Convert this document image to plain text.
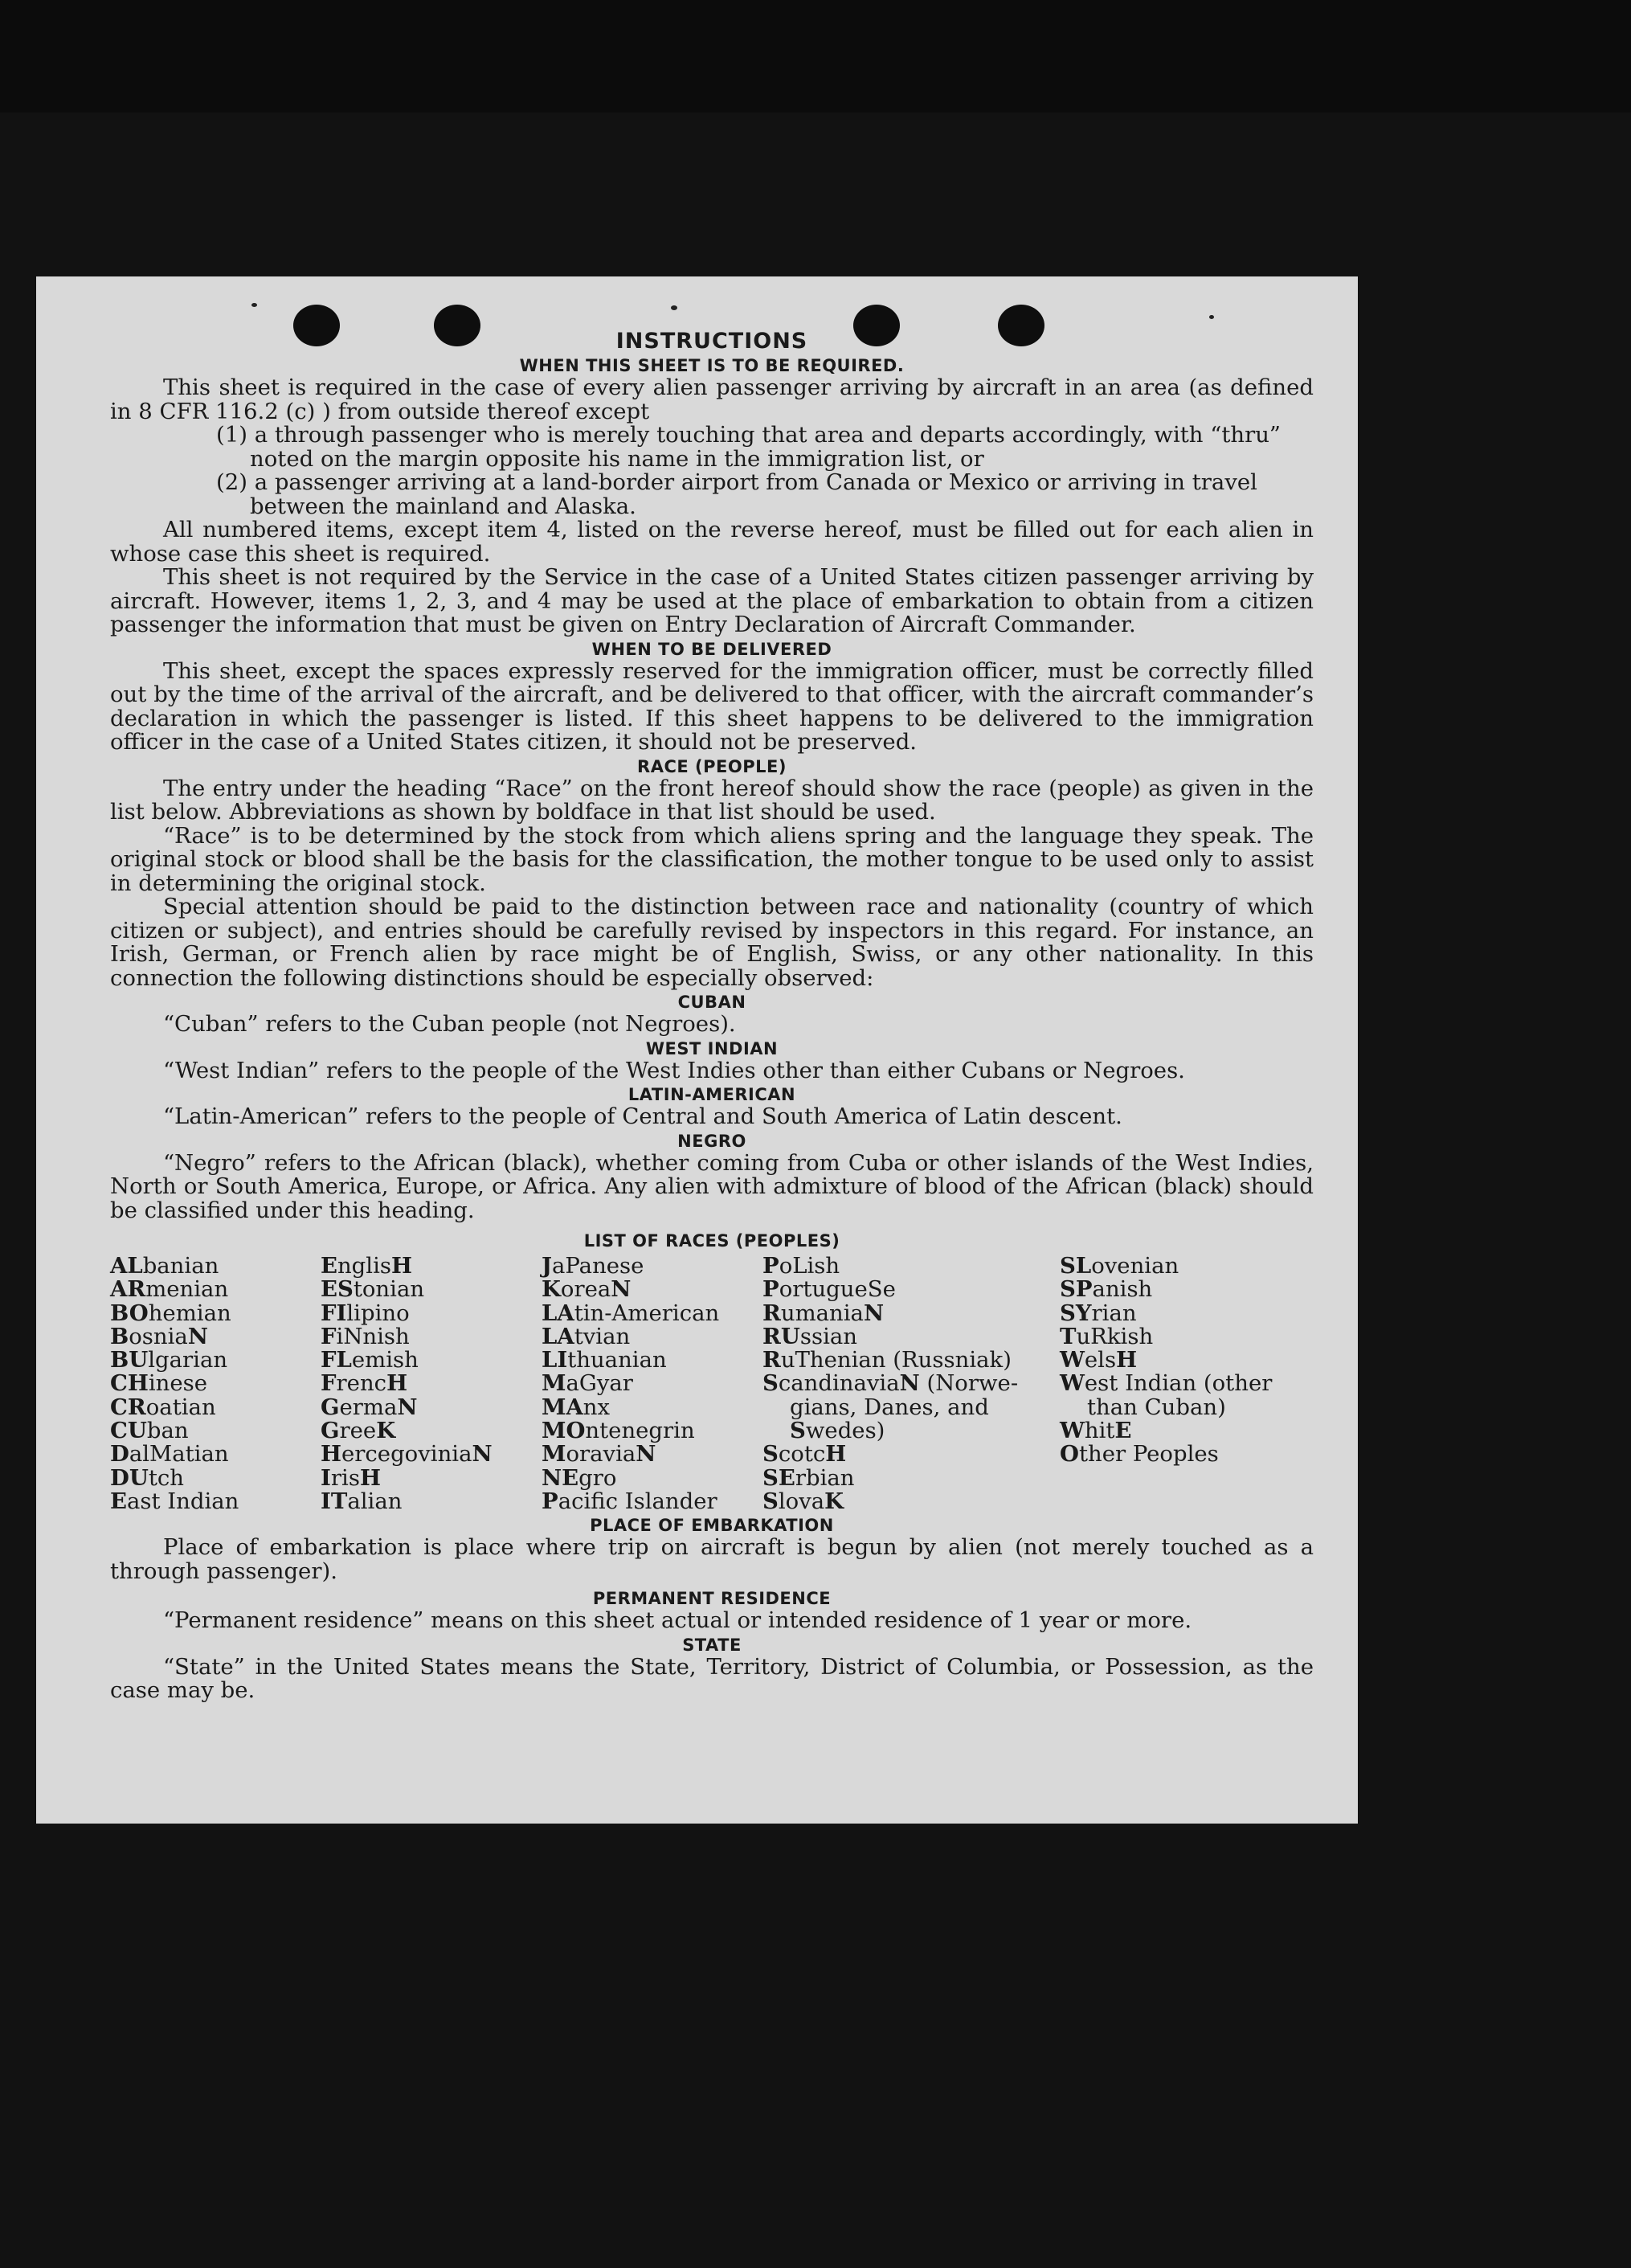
INSTRUCTIONS
WHEN THIS SHEET IS TO BE REQUIRED.
This sheet is required in the case of every alien passenger arriving by aircraft in an area (as defined in 8 CFR 116.2 (c) ) from outside thereof except
(1) a through passenger who is merely touching that area and departs accordingly, with “thru” noted on the margin opposite his name in the immigration list, or
(2) a passenger arriving at a land-border airport from Canada or Mexico or arriving in travel between the mainland and Alaska.
All numbered items, except item 4, listed on the reverse hereof, must be filled out for each alien in whose case this sheet is required.
This sheet is not required by the Service in the case of a United States citizen passenger arriving by aircraft. However, items 1, 2, 3, and 4 may be used at the place of embarkation to obtain from a citizen passenger the information that must be given on Entry Declaration of Aircraft Commander.
WHEN TO BE DELIVERED
This sheet, except the spaces expressly reserved for the immigration officer, must be correctly filled out by the time of the arrival of the aircraft, and be delivered to that officer, with the aircraft commander’s declaration in which the passenger is listed. If this sheet happens to be delivered to the immigration officer in the case of a United States citizen, it should not be preserved.
RACE (PEOPLE)
The entry under the heading “Race” on the front hereof should show the race (people) as given in the list below. Abbreviations as shown by boldface in that list should be used.
“Race” is to be determined by the stock from which aliens spring and the language they speak. The original stock or blood shall be the basis for the classification, the mother tongue to be used only to assist in determining the original stock.
Special attention should be paid to the distinction between race and nationality (country of which citizen or subject), and entries should be carefully revised by inspectors in this regard. For instance, an Irish, German, or French alien by race might be of English, Swiss, or any other nationality. In this connection the following distinctions should be especially observed:
CUBAN
“Cuban” refers to the Cuban people (not Negroes).
WEST INDIAN
“West Indian” refers to the people of the West Indies other than either Cubans or Negroes.
LATIN-AMERICAN
“Latin-American” refers to the people of Central and South America of Latin descent.
NEGRO
“Negro” refers to the African (black), whether coming from Cuba or other islands of the West Indies, North or South America, Europe, or Africa. Any alien with admixture of blood of the African (black) should be classified under this heading.
LIST OF RACES (PEOPLES)
ALbanian
ARmenian
BOhemian
BosniaN
BUlgarian
CHinese
CRoatian
CUban
DalMatian
DUtch
East Indian
EnglisH
EStonian
FIlipino
FiNnish
FLemish
FrencH
GermaN
GreeK
HercegoviniaN
IrisH
ITalian
JaPanese
KoreaN
LAtin-American
LAtvian
LIthuanian
MaGyar
MAnx
MOntenegrin
MoraviaN
NEgro
Pacific Islander
PoLish
PortugueSe
RumaniaN
RUssian
RuThenian (Russniak)
ScandinaviaN (Norwe-
gians, Danes, and
Swedes)
ScotcH
SErbian
SlovaK
SLovenian
SPanish
SYrian
TuRkish
WelsH
West Indian (other
than Cuban)
WhitE
Other Peoples
PLACE OF EMBARKATION
Place of embarkation is place where trip on aircraft is begun by alien (not merely touched as a through passenger).
PERMANENT RESIDENCE
“Permanent residence” means on this sheet actual or intended residence of 1 year or more.
STATE
“State” in the United States means the State, Territory, District of Columbia, or Possession, as the case may be.
